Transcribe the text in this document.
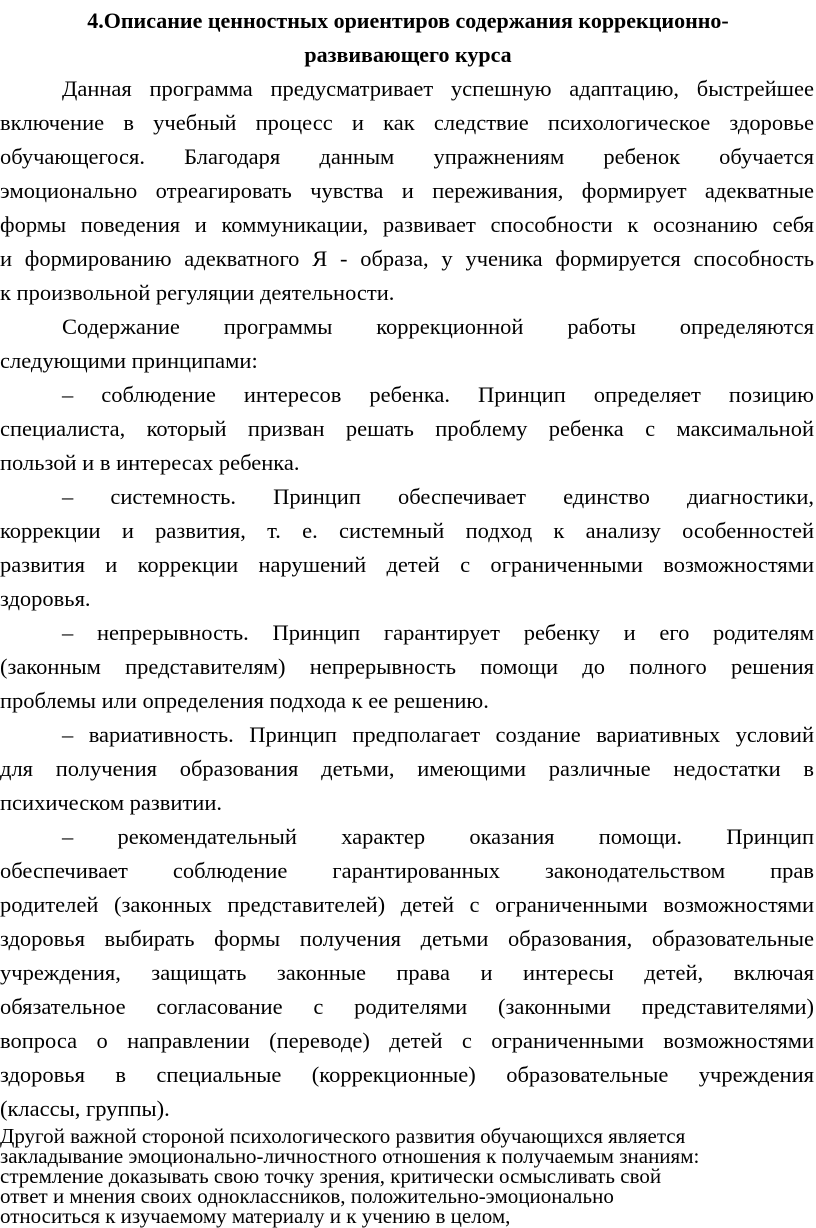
4.Описание ценностных ориентиров содержания коррекционно-
развивающего курса
Данная программа предусматривает успешную адаптацию, быстрейшее
включение в учебный процесс и как следствие психологическое здоровье
обучающегося. Благодаря данным упражнениям ребенок обучается
эмоционально отреагировать чувства и переживания, формирует адекватные
формы поведения и коммуникации, развивает способности к осознанию себя
и формированию адекватного Я - образа, у ученика формируется способность
к произвольной регуляции деятельности.
Содержание программы коррекционной работы определяются
следующими принципами:
– соблюдение интересов ребенка. Принцип определяет позицию
специалиста, который призван решать проблему ребенка с максимальной
пользой и в интересах ребенка.
– системность. Принцип обеспечивает единство диагностики,
коррекции и развития, т. е. системный подход к анализу особенностей
развития и коррекции нарушений детей с ограниченными возможностями
здоровья.
– непрерывность. Принцип гарантирует ребенку и его родителям
(законным представителям) непрерывность помощи до полного решения
проблемы или определения подхода к ее решению.
– вариативность. Принцип предполагает создание вариативных условий
для получения образования детьми, имеющими различные недостатки в
психическом развитии.
– рекомендательный характер оказания помощи. Принцип
обеспечивает соблюдение гарантированных законодательством прав
родителей (законных представителей) детей с ограниченными возможностями
здоровья выбирать формы получения детьми образования, образовательные
учреждения, защищать законные права и интересы детей, включая
обязательное согласование с родителями (законными представителями)
вопроса о направлении (переводе) детей с ограниченными возможностями
здоровья в специальные (коррекционные) образовательные учреждения
(классы, группы).
Другой важной стороной психологического развития обучающихся является
закладывание эмоционально-личностного отношения к получаемым знаниям:
стремление доказывать свою точку зрения, критически осмысливать свой
ответ и мнения своих одноклассников, положительно-эмоционально
относиться к изучаемому материалу и к учению в целом,
